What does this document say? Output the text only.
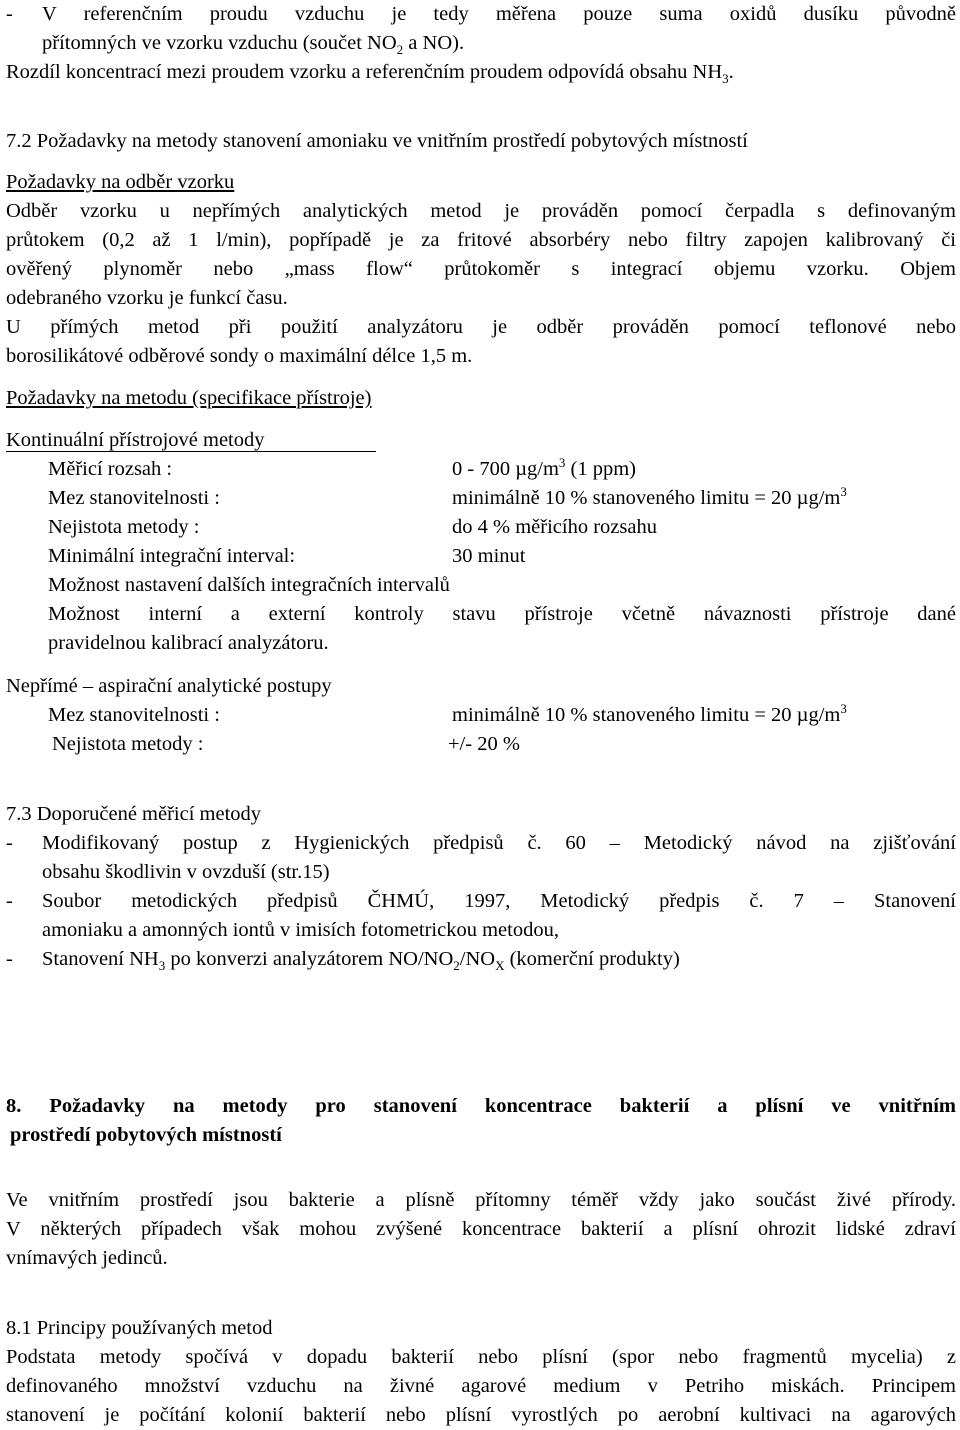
- V referenčním proudu vzduchu je tedy měřena pouze suma oxidů dusíku původně
přítomných ve vzorku vzduchu (součet $NO_2$ a NO).
Rozdíl koncentrací mezi proudem vzorku a referenčním proudem odpovídá obsahu $NH_3$.
7.2 Požadavky na metody stanovení amoniaku ve vnitřním prostředí pobytových místností
Požadavky na odběr vzorku
Odběr vzorku u nepřímých analytických metod je prováděn pomocí čerpadla s definovaným
průtokem (0,2 až 1 l/min), popřípadě je za fritové absorbéry nebo filtry zapojen kalibrovaný či
ověřený plynoměr nebo „mass flow“ průtokoměr s integrací objemu vzorku. Objem
odebraného vzorku je funkcí času.
U přímých metod při použití analyzátoru je odběr prováděn pomocí teflonové nebo
borosilikátové odběrové sondy o maximální délce 1,5 m.
Požadavky na metodu (specifikace přístroje)
Kontinuální přístrojové metody
Měřicí rozsah :	0 - 700 $\mu g/m^3$ (1 ppm)
Mez stanovitelnosti :	minimálně 10 % stanoveného limitu = 20 $\mu g/m^3$
Nejistota metody :	do 4 % měřicího rozsahu
Minimální integrační interval:	30 minut
Možnost nastavení dalších integračních intervalů
Možnost interní a externí kontroly stavu přístroje včetně návaznosti přístroje dané
pravidelnou kalibrací analyzátoru.
Nepřímé – aspirační analytické postupy
Mez stanovitelnosti :	minimálně 10 % stanoveného limitu = 20 $\mu g/m^3$
Nejistota metody :	+/- 20 %
7.3 Doporučené měřicí metody
- Modifikovaný postup z Hygienických předpisů č. 60 – Metodický návod na zjišťování
obsahu škodlivin v ovzduší (str.15)
- Soubor metodických předpisů ČHMÚ, 1997, Metodický předpis č. 7 – Stanovení
amoniaku a amonných iontů v imisích fotometrickou metodou,
- Stanovení $NH_3$ po konverzi analyzátorem $NO/NO_2/NO_X$ (komerční produkty)
8. Požadavky na metody pro stanovení koncentrace bakterií a plísní ve vnitřním
prostředí pobytových místností
Ve vnitřním prostředí jsou bakterie a plísně přítomny téměř vždy jako součást živé přírody.
V některých případech však mohou zvýšené koncentrace bakterií a plísní ohrozit lidské zdraví
vnímavých jedinců.
8.1 Principy používaných metod
Podstata metody spočívá v dopadu bakterií nebo plísní (spor nebo fragmentů mycelia) z
definovaného množství vzduchu na živné agarové medium v Petriho miskách. Principem
stanovení je počítání kolonií bakterií nebo plísní vyrostlých po aerobní kultivaci na agarových
